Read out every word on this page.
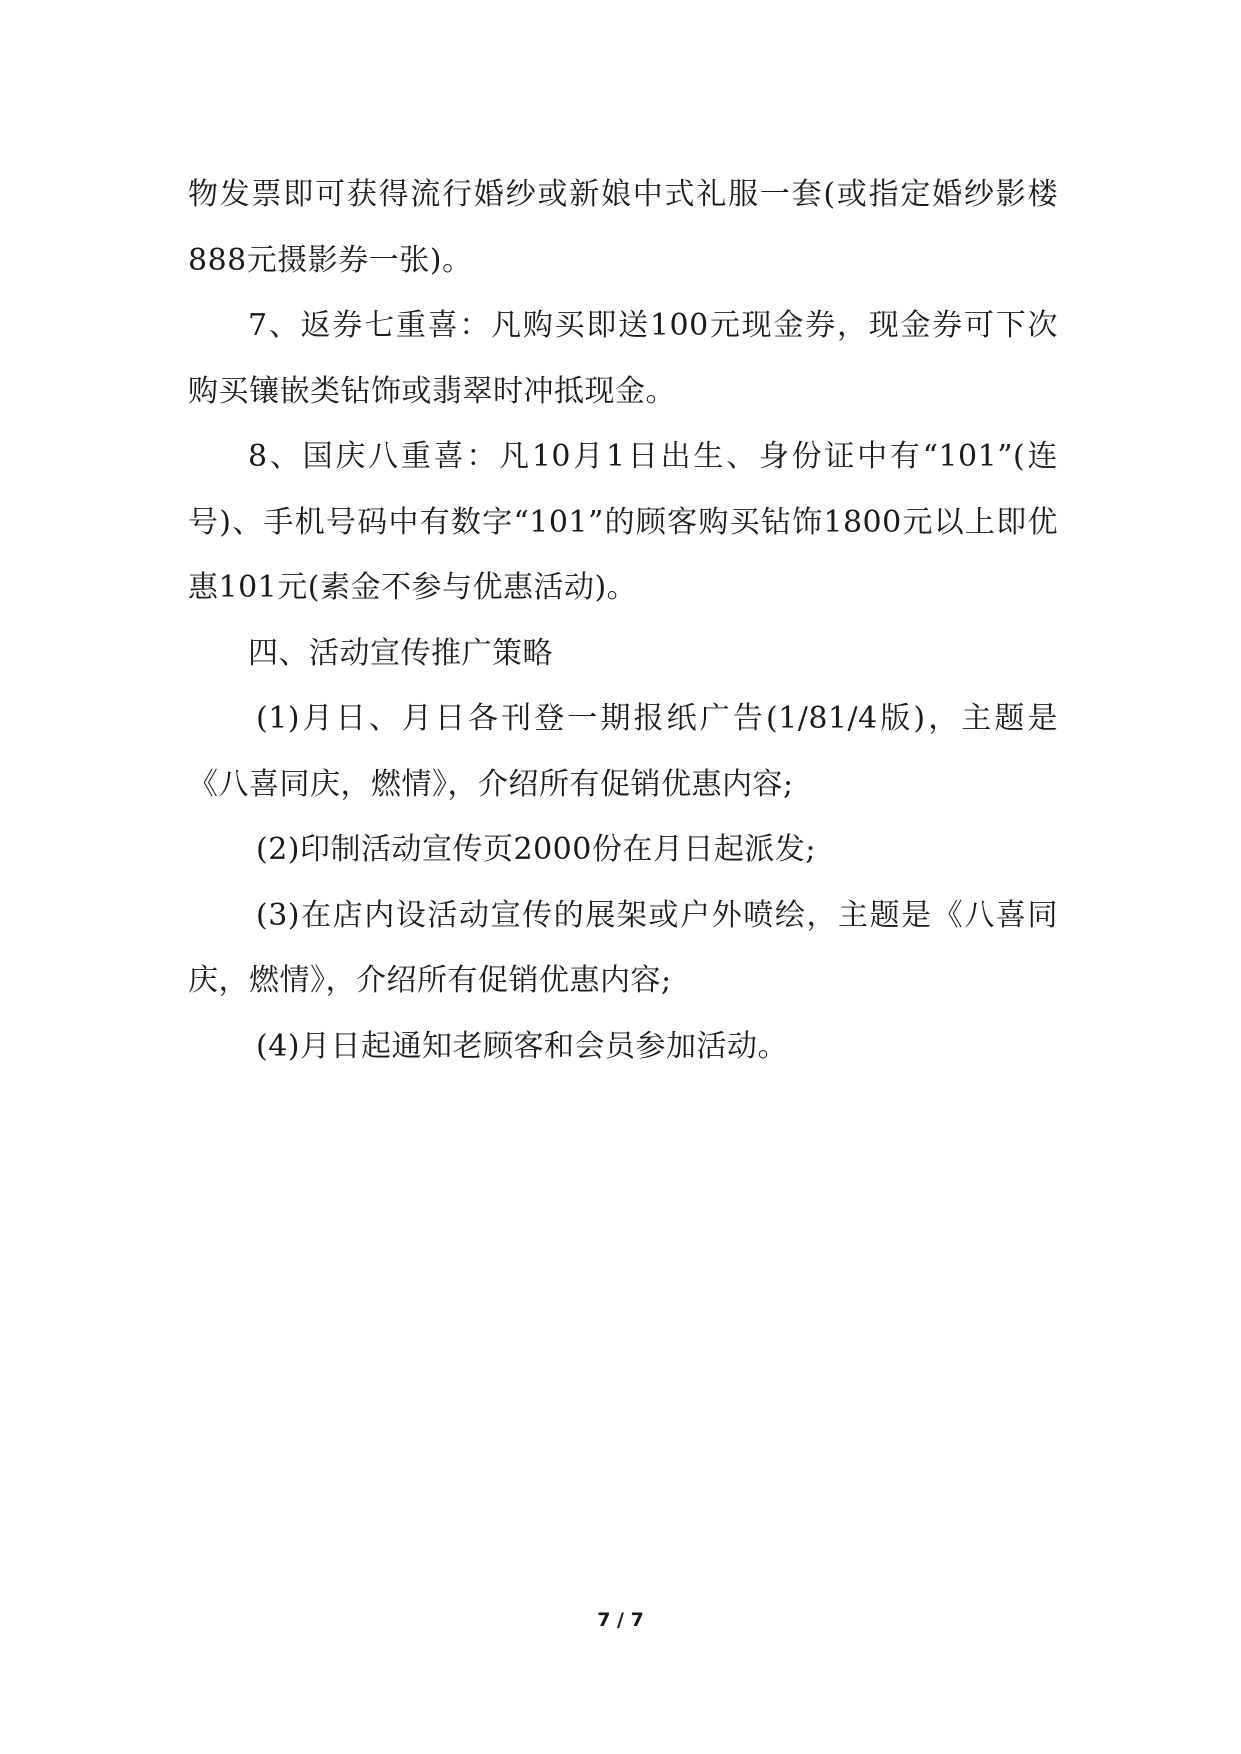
物发票即可获得流行婚纱或新娘中式礼服一套(或指定婚纱影楼888元摄影券一张)。

7、返券七重喜：凡购买即送100元现金券，现金券可下次购买镶嵌类钻饰或翡翠时冲抵现金。

8、国庆八重喜：凡10月1日出生、身份证中有“101”(连号)、手机号码中有数字“101”的顾客购买钻饰1800元以上即优惠101元(素金不参与优惠活动)。

四、活动宣传推广策略

(1)月日、月日各刊登一期报纸广告(1/81/4版)，主题是《八喜同庆，燃情》，介绍所有促销优惠内容;

(2)印制活动宣传页2000份在月日起派发;

(3)在店内设活动宣传的展架或户外喷绘，主题是《八喜同庆，燃情》，介绍所有促销优惠内容;

(4)月日起通知老顾客和会员参加活动。

7 / 7
